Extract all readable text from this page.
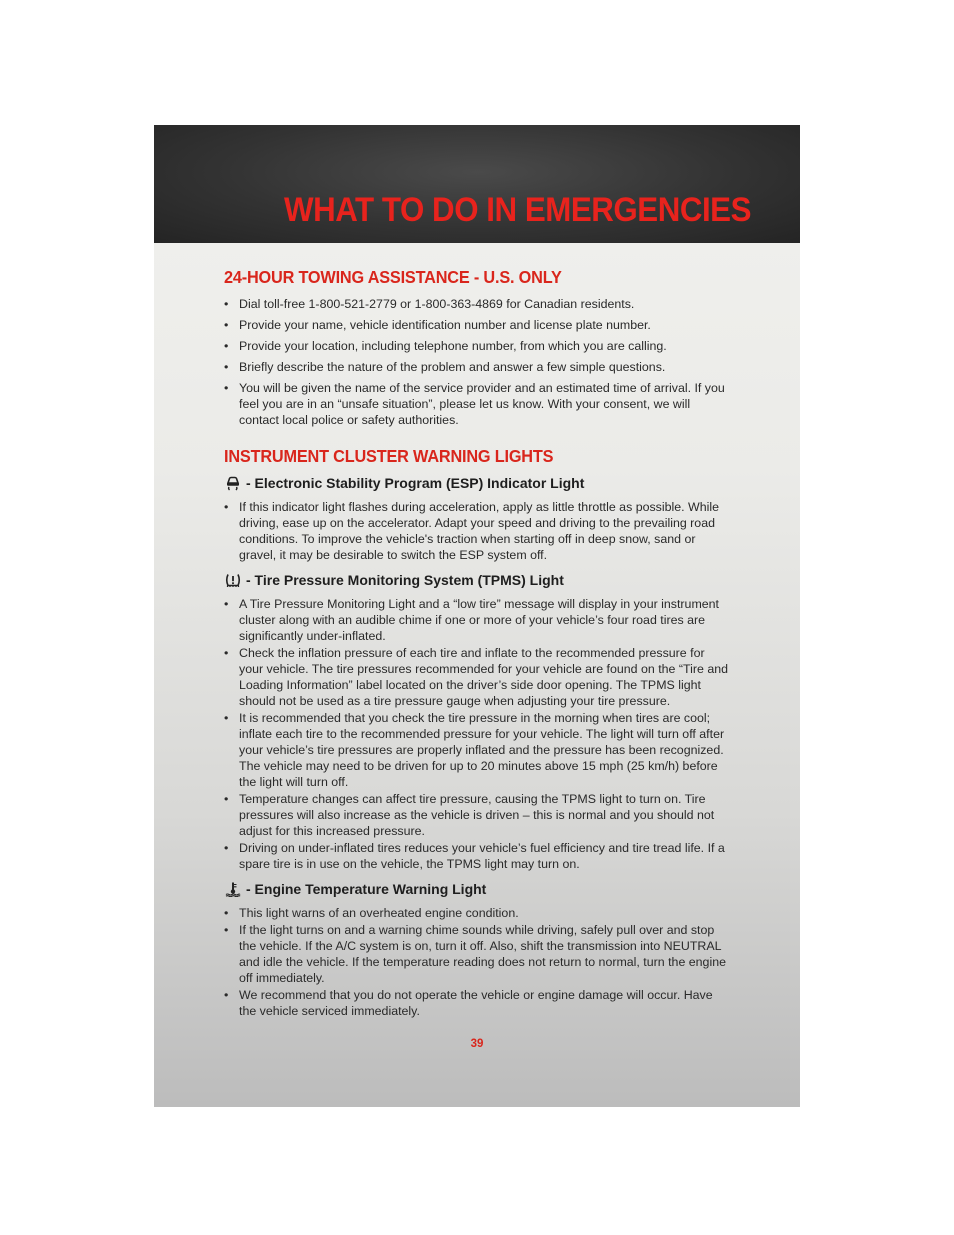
WHAT TO DO IN EMERGENCIES
24-HOUR TOWING ASSISTANCE - U.S. ONLY
• Dial toll-free 1-800-521-2779 or 1-800-363-4869 for Canadian residents.
• Provide your name, vehicle identification number and license plate number.
• Provide your location, including telephone number, from which you are calling.
• Briefly describe the nature of the problem and answer a few simple questions.
• You will be given the name of the service provider and an estimated time of arrival. If you feel you are in an “unsafe situation”, please let us know. With your consent, we will contact local police or safety authorities.
INSTRUMENT CLUSTER WARNING LIGHTS
- Electronic Stability Program (ESP) Indicator Light
• If this indicator light flashes during acceleration, apply as little throttle as possible. While driving, ease up on the accelerator. Adapt your speed and driving to the prevailing road conditions. To improve the vehicle's traction when starting off in deep snow, sand or gravel, it may be desirable to switch the ESP system off.
- Tire Pressure Monitoring System (TPMS) Light
• A Tire Pressure Monitoring Light and a “low tire” message will display in your instrument cluster along with an audible chime if one or more of your vehicle’s four road tires are significantly under-inflated.
• Check the inflation pressure of each tire and inflate to the recommended pressure for your vehicle. The tire pressures recommended for your vehicle are found on the “Tire and Loading Information” label located on the driver’s side door opening. The TPMS light should not be used as a tire pressure gauge when adjusting your tire pressure.
• It is recommended that you check the tire pressure in the morning when tires are cool; inflate each tire to the recommended pressure for your vehicle. The light will turn off after your vehicle’s tire pressures are properly inflated and the pressure has been recognized. The vehicle may need to be driven for up to 20 minutes above 15 mph (25 km/h) before the light will turn off.
• Temperature changes can affect tire pressure, causing the TPMS light to turn on. Tire pressures will also increase as the vehicle is driven – this is normal and you should not adjust for this increased pressure.
• Driving on under-inflated tires reduces your vehicle’s fuel efficiency and tire tread life. If a spare tire is in use on the vehicle, the TPMS light may turn on.
- Engine Temperature Warning Light
• This light warns of an overheated engine condition.
• If the light turns on and a warning chime sounds while driving, safely pull over and stop the vehicle. If the A/C system is on, turn it off. Also, shift the transmission into NEUTRAL and idle the vehicle. If the temperature reading does not return to normal, turn the engine off immediately.
• We recommend that you do not operate the vehicle or engine damage will occur. Have the vehicle serviced immediately.
39
